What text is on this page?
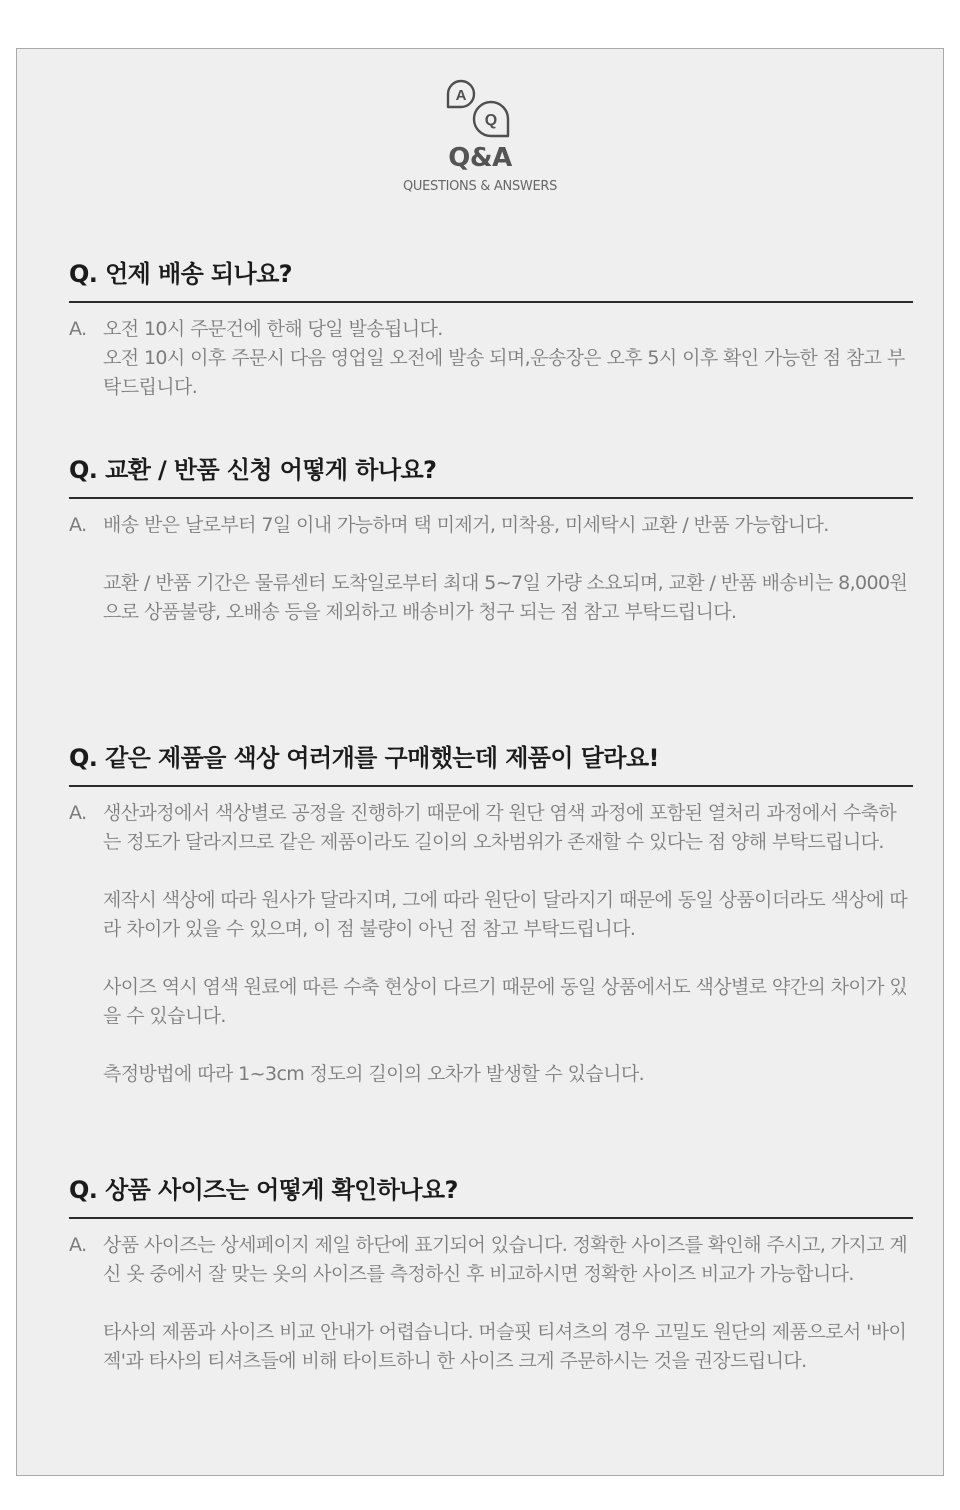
A
Q
Q&A
QUESTIONS & ANSWERS
Q. 언제 배송 되나요?
A. 오전 10시 주문건에 한해 당일 발송됩니다.
오전 10시 이후 주문시 다음 영업일 오전에 발송 되며,운송장은 오후 5시 이후 확인 가능한 점 참고 부탁드립니다.

Q. 교환 / 반품 신청 어떻게 하나요?
A. 배송 받은 날로부터 7일 이내 가능하며 택 미제거, 미착용, 미세탁시 교환 / 반품 가능합니다.

교환 / 반품 기간은 물류센터 도착일로부터 최대 5~7일 가량 소요되며, 교환 / 반품 배송비는 8,000원으로 상품불량, 오배송 등을 제외하고 배송비가 청구 되는 점 참고 부탁드립니다.

Q. 같은 제품을 색상 여러개를 구매했는데 제품이 달라요!
A. 생산과정에서 색상별로 공정을 진행하기 때문에 각 원단 염색 과정에 포함된 열처리 과정에서 수축하는 정도가 달라지므로 같은 제품이라도 길이의 오차범위가 존재할 수 있다는 점 양해 부탁드립니다.

제작시 색상에 따라 원사가 달라지며, 그에 따라 원단이 달라지기 때문에 동일 상품이더라도 색상에 따라 차이가 있을 수 있으며, 이 점 불량이 아닌 점 참고 부탁드립니다.

사이즈 역시 염색 원료에 따른 수축 현상이 다르기 때문에 동일 상품에서도 색상별로 약간의 차이가 있을 수 있습니다.

측정방법에 따라 1~3cm 정도의 길이의 오차가 발생할 수 있습니다.

Q. 상품 사이즈는 어떻게 확인하나요?
A. 상품 사이즈는 상세페이지 제일 하단에 표기되어 있습니다. 정확한 사이즈를 확인해 주시고, 가지고 계신 옷 중에서 잘 맞는 옷의 사이즈를 측정하신 후 비교하시면 정확한 사이즈 비교가 가능합니다.

타사의 제품과 사이즈 비교 안내가 어렵습니다. 머슬핏 티셔츠의 경우 고밀도 원단의 제품으로서 '바이젝'과 타사의 티셔츠들에 비해 타이트하니 한 사이즈 크게 주문하시는 것을 권장드립니다.
